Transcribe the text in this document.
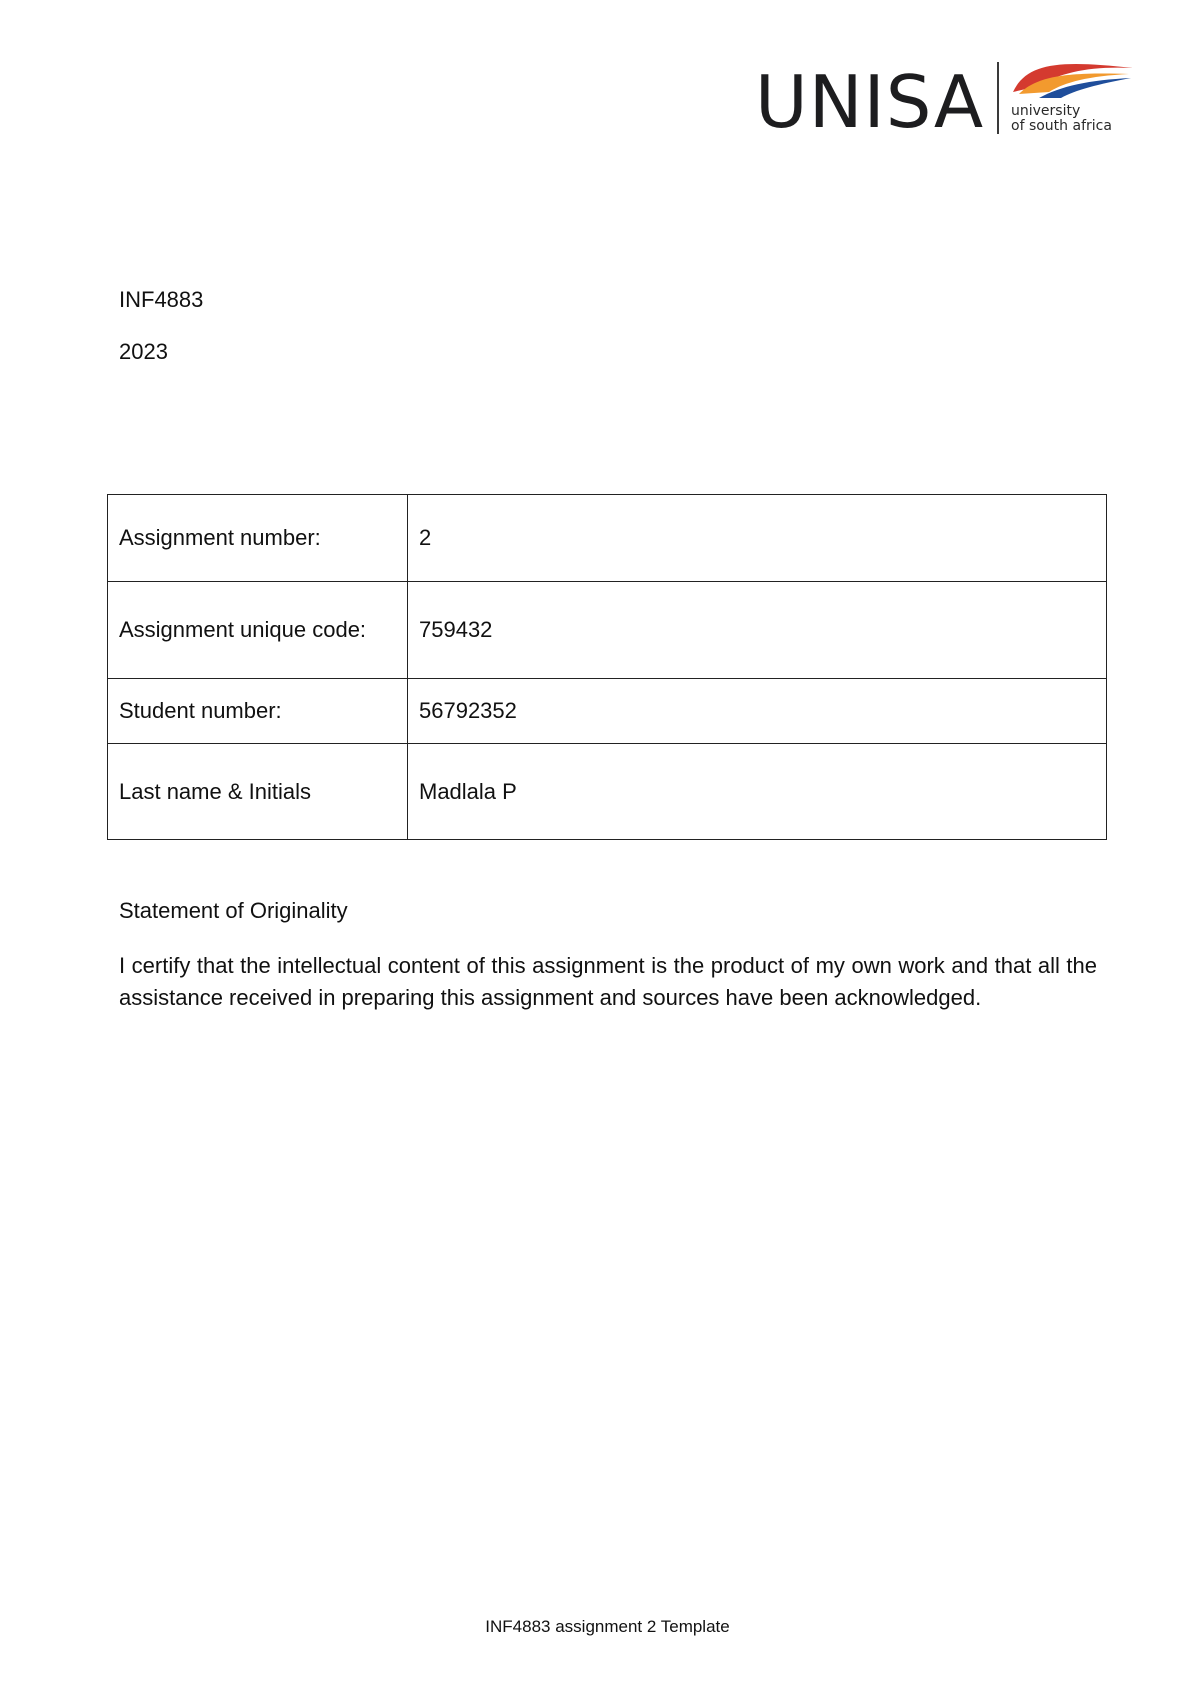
UNISA university
of south africa
INF4883
2023
Assignment number:	2
Assignment unique code:	759432
Student number:	56792352
Last name & Initials	Madlala P
Statement of Originality
I certify that the intellectual content of this assignment is the product of my own work and that all the assistance received in preparing this assignment and sources have been acknowledged.
INF4883 assignment 2 Template
